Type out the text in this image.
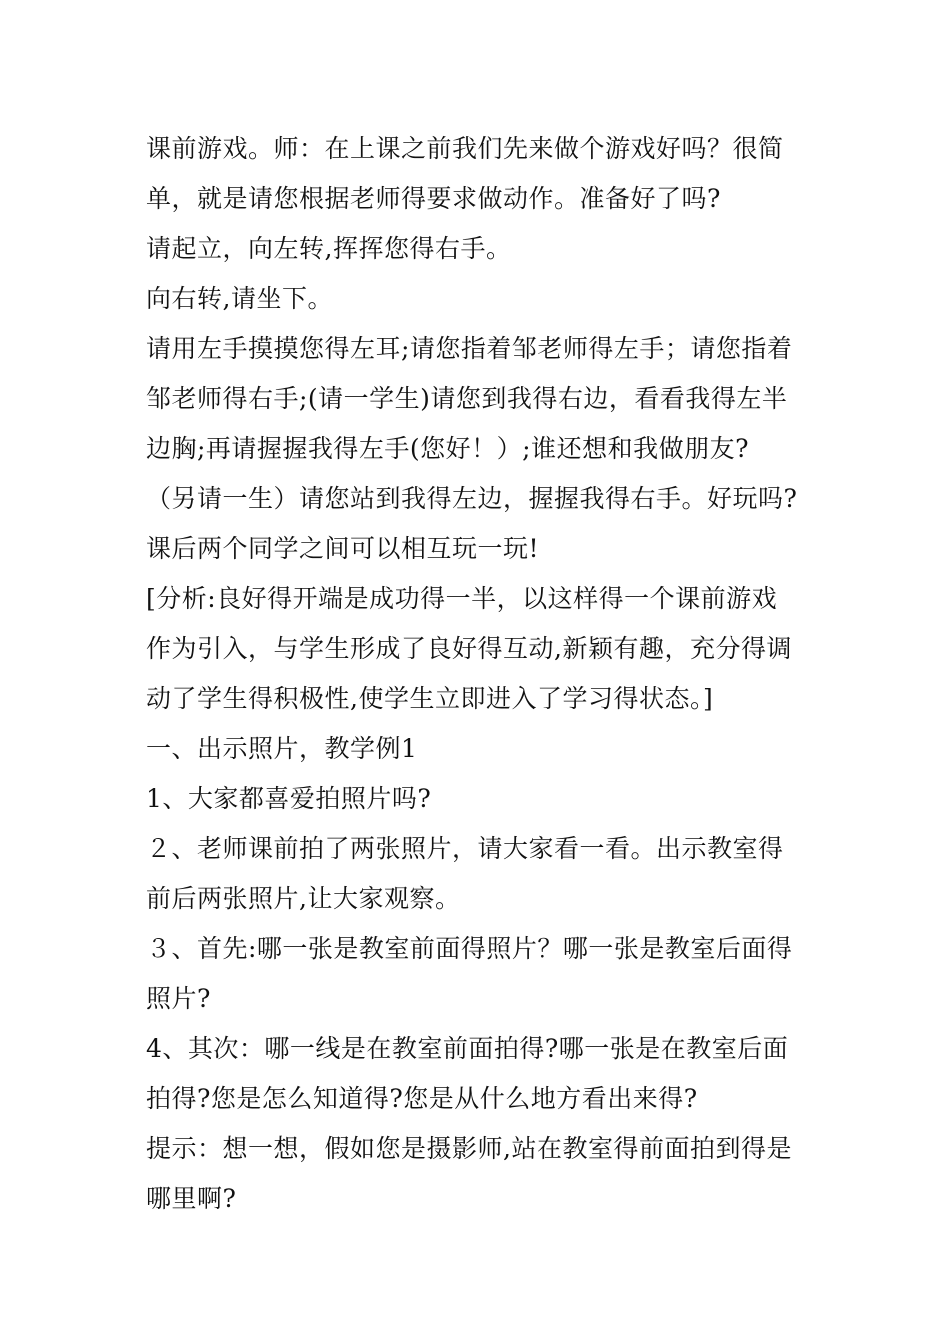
课前游戏。师：在上课之前我们先来做个游戏好吗？很简
单，就是请您根据老师得要求做动作。准备好了吗?
请起立，向左转,挥挥您得右手。
向右转,请坐下。
请用左手摸摸您得左耳;请您指着邹老师得左手；请您指着
邹老师得右手;(请一学生)请您到我得右边，看看我得左半
边胸;再请握握我得左手(您好！）;谁还想和我做朋友?
（另请一生）请您站到我得左边，握握我得右手。好玩吗?
课后两个同学之间可以相互玩一玩!
[分析:良好得开端是成功得一半，以这样得一个课前游戏
作为引入，与学生形成了良好得互动,新颖有趣，充分得调
动了学生得积极性,使学生立即进入了学习得状态。]
一、出示照片，教学例1
1、大家都喜爱拍照片吗?
２、老师课前拍了两张照片，请大家看一看。出示教室得
前后两张照片,让大家观察。
３、首先:哪一张是教室前面得照片？哪一张是教室后面得
照片?
4、其次：哪一线是在教室前面拍得?哪一张是在教室后面
拍得?您是怎么知道得?您是从什么地方看出来得?
提示：想一想，假如您是摄影师,站在教室得前面拍到得是
哪里啊?
